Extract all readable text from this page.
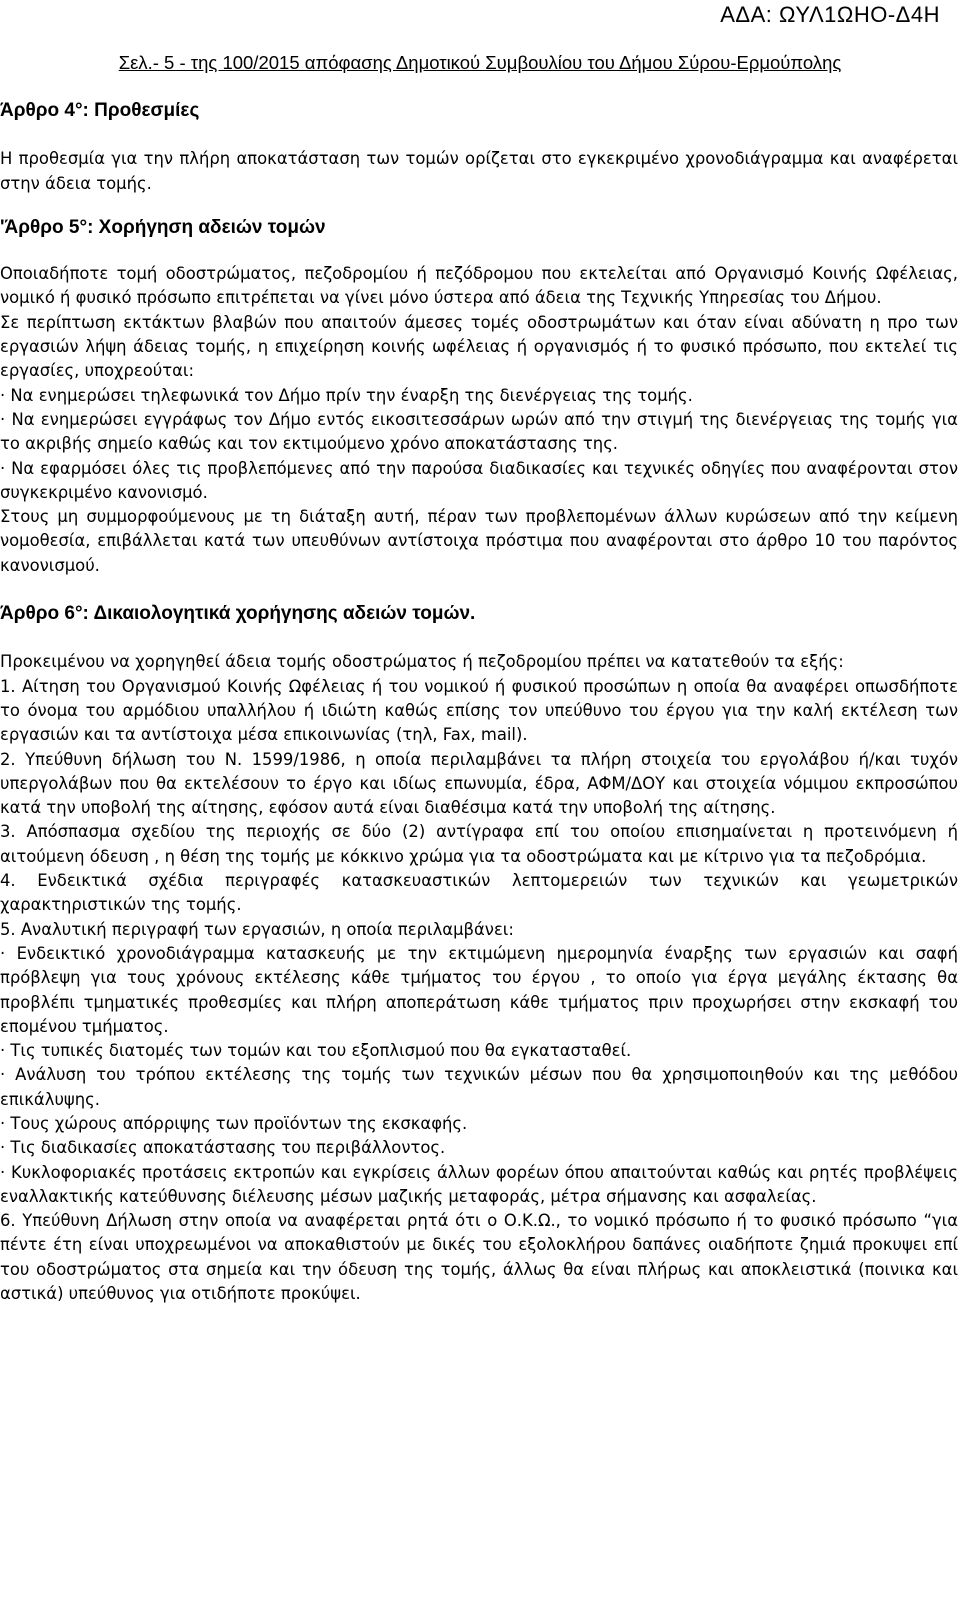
ΑΔΑ: ΩΥΛ1ΩΗΟ-Δ4Η
Σελ.- 5 - της 100/2015 απόφασης Δημοτικού Συμβουλίου του Δήμου Σύρου-Ερμούπολης

Άρθρο 4°: Προθεσμίες

Η προθεσμία για την πλήρη αποκατάσταση των τομών ορίζεται στο εγκεκριμένο χρονοδιάγραμμα και αναφέρεται στην άδεια τομής.

'Άρθρο 5°: Χορήγηση αδειών τομών

Οποιαδήποτε τομή οδοστρώματος, πεζοδρομίου ή πεζόδρομου που εκτελείται από Οργανισμό Κοινής Ωφέλειας, νομικό ή φυσικό πρόσωπο επιτρέπεται να γίνει μόνο ύστερα από άδεια της Τεχνικής Υπηρεσίας του Δήμου.

Σε περίπτωση εκτάκτων βλαβών που απαιτούν άμεσες τομές οδοστρωμάτων και όταν είναι αδύνατη η προ των εργασιών λήψη άδειας τομής, η επιχείρηση κοινής ωφέλειας ή οργανισμός ή το φυσικό πρόσωπο, που εκτελεί τις εργασίες, υποχρεούται:

· Να ενημερώσει τηλεφωνικά τον Δήμο πρίν την έναρξη της διενέργειας της τομής.

· Να ενημερώσει εγγράφως τον Δήμο εντός εικοσιτεσσάρων ωρών από την στιγμή της διενέργειας της τομής για το ακριβής σημείο καθώς και τον εκτιμούμενο χρόνο αποκατάστασης της.

· Να εφαρμόσει όλες τις προβλεπόμενες από την παρούσα διαδικασίες και τεχνικές οδηγίες που αναφέρονται στον συγκεκριμένο κανονισμό.

Στους μη συμμορφούμενους με τη διάταξη αυτή, πέραν των προβλεπομένων άλλων κυρώσεων από την κείμενη νομοθεσία, επιβάλλεται κατά των υπευθύνων αντίστοιχα πρόστιμα που αναφέρονται στο άρθρο 10 του παρόντος κανονισμού.

Άρθρο 6°: Δικαιολογητικά χορήγησης αδειών τομών.

Προκειμένου να χορηγηθεί άδεια τομής οδοστρώματος ή πεζοδρομίου πρέπει να κατατεθούν τα εξής:

1. Αίτηση του Οργανισμού Κοινής Ωφέλειας ή του νομικού ή φυσικού προσώπων η οποία θα αναφέρει οπωσδήποτε το όνομα του αρμόδιου υπαλλήλου ή ιδιώτη καθώς επίσης τον υπεύθυνο του έργου για την καλή εκτέλεση των εργασιών και τα αντίστοιχα μέσα επικοινωνίας (τηλ, Fax, mail).

2. Υπεύθυνη δήλωση του Ν. 1599/1986, η οποία περιλαμβάνει τα πλήρη στοιχεία του εργολάβου ή/και τυχόν υπεργολάβων που θα εκτελέσουν το έργο και ιδίως επωνυμία, έδρα, ΑΦΜ/ΔΟΥ και στοιχεία νόμιμου εκπροσώπου κατά την υποβολή της αίτησης, εφόσον αυτά είναι διαθέσιμα κατά την υποβολή της αίτησης.

3. Απόσπασμα σχεδίου της περιοχής σε δύο (2) αντίγραφα επί του οποίου επισημαίνεται η προτεινόμενη ή αιτούμενη όδευση , η θέση της τομής με κόκκινο χρώμα για τα οδοστρώματα και με κίτρινο για τα πεζοδρόμια.

4. Ενδεικτικά σχέδια περιγραφές κατασκευαστικών λεπτομερειών των τεχνικών και γεωμετρικών χαρακτηριστικών της τομής.

5. Αναλυτική περιγραφή των εργασιών, η οποία περιλαμβάνει:

· Ενδεικτικό χρονοδιάγραμμα κατασκευής με την εκτιμώμενη ημερομηνία έναρξης των εργασιών και σαφή πρόβλεψη για τους χρόνους εκτέλεσης κάθε τμήματος του έργου , το οποίο για έργα μεγάλης έκτασης θα προβλέπι τμηματικές προθεσμίες και πλήρη αποπεράτωση κάθε τμήματος πριν προχωρήσει στην εκσκαφή του επομένου τμήματος.

· Τις τυπικές διατομές των τομών και του εξοπλισμού που θα εγκατασταθεί.

· Ανάλυση του τρόπου εκτέλεσης της τομής των τεχνικών μέσων που θα χρησιμοποιηθούν και της μεθόδου επικάλυψης.

· Τους χώρους απόρριψης των προϊόντων της εκσκαφής.

· Τις διαδικασίες αποκατάστασης του περιβάλλοντος.

· Κυκλοφοριακές προτάσεις εκτροπών και εγκρίσεις άλλων φορέων όπου απαιτούνται καθώς και ρητές προβλέψεις εναλλακτικής κατεύθυνσης διέλευσης μέσων μαζικής μεταφοράς, μέτρα σήμανσης και ασφαλείας.

6. Υπεύθυνη Δήλωση στην οποία να αναφέρεται ρητά ότι ο Ο.Κ.Ω., το νομικό πρόσωπο ή το φυσικό πρόσωπο “για πέντε έτη είναι υποχρεωμένοι να αποκαθιστούν με δικές του εξολοκλήρου δαπάνες οιαδήποτε ζημιά προκυψει επί του οδοστρώματος στα σημεία και την όδευση της τομής, άλλως θα είναι πλήρως και αποκλειστικά (ποινικα και αστικά) υπεύθυνος για οτιδήποτε προκύψει.
